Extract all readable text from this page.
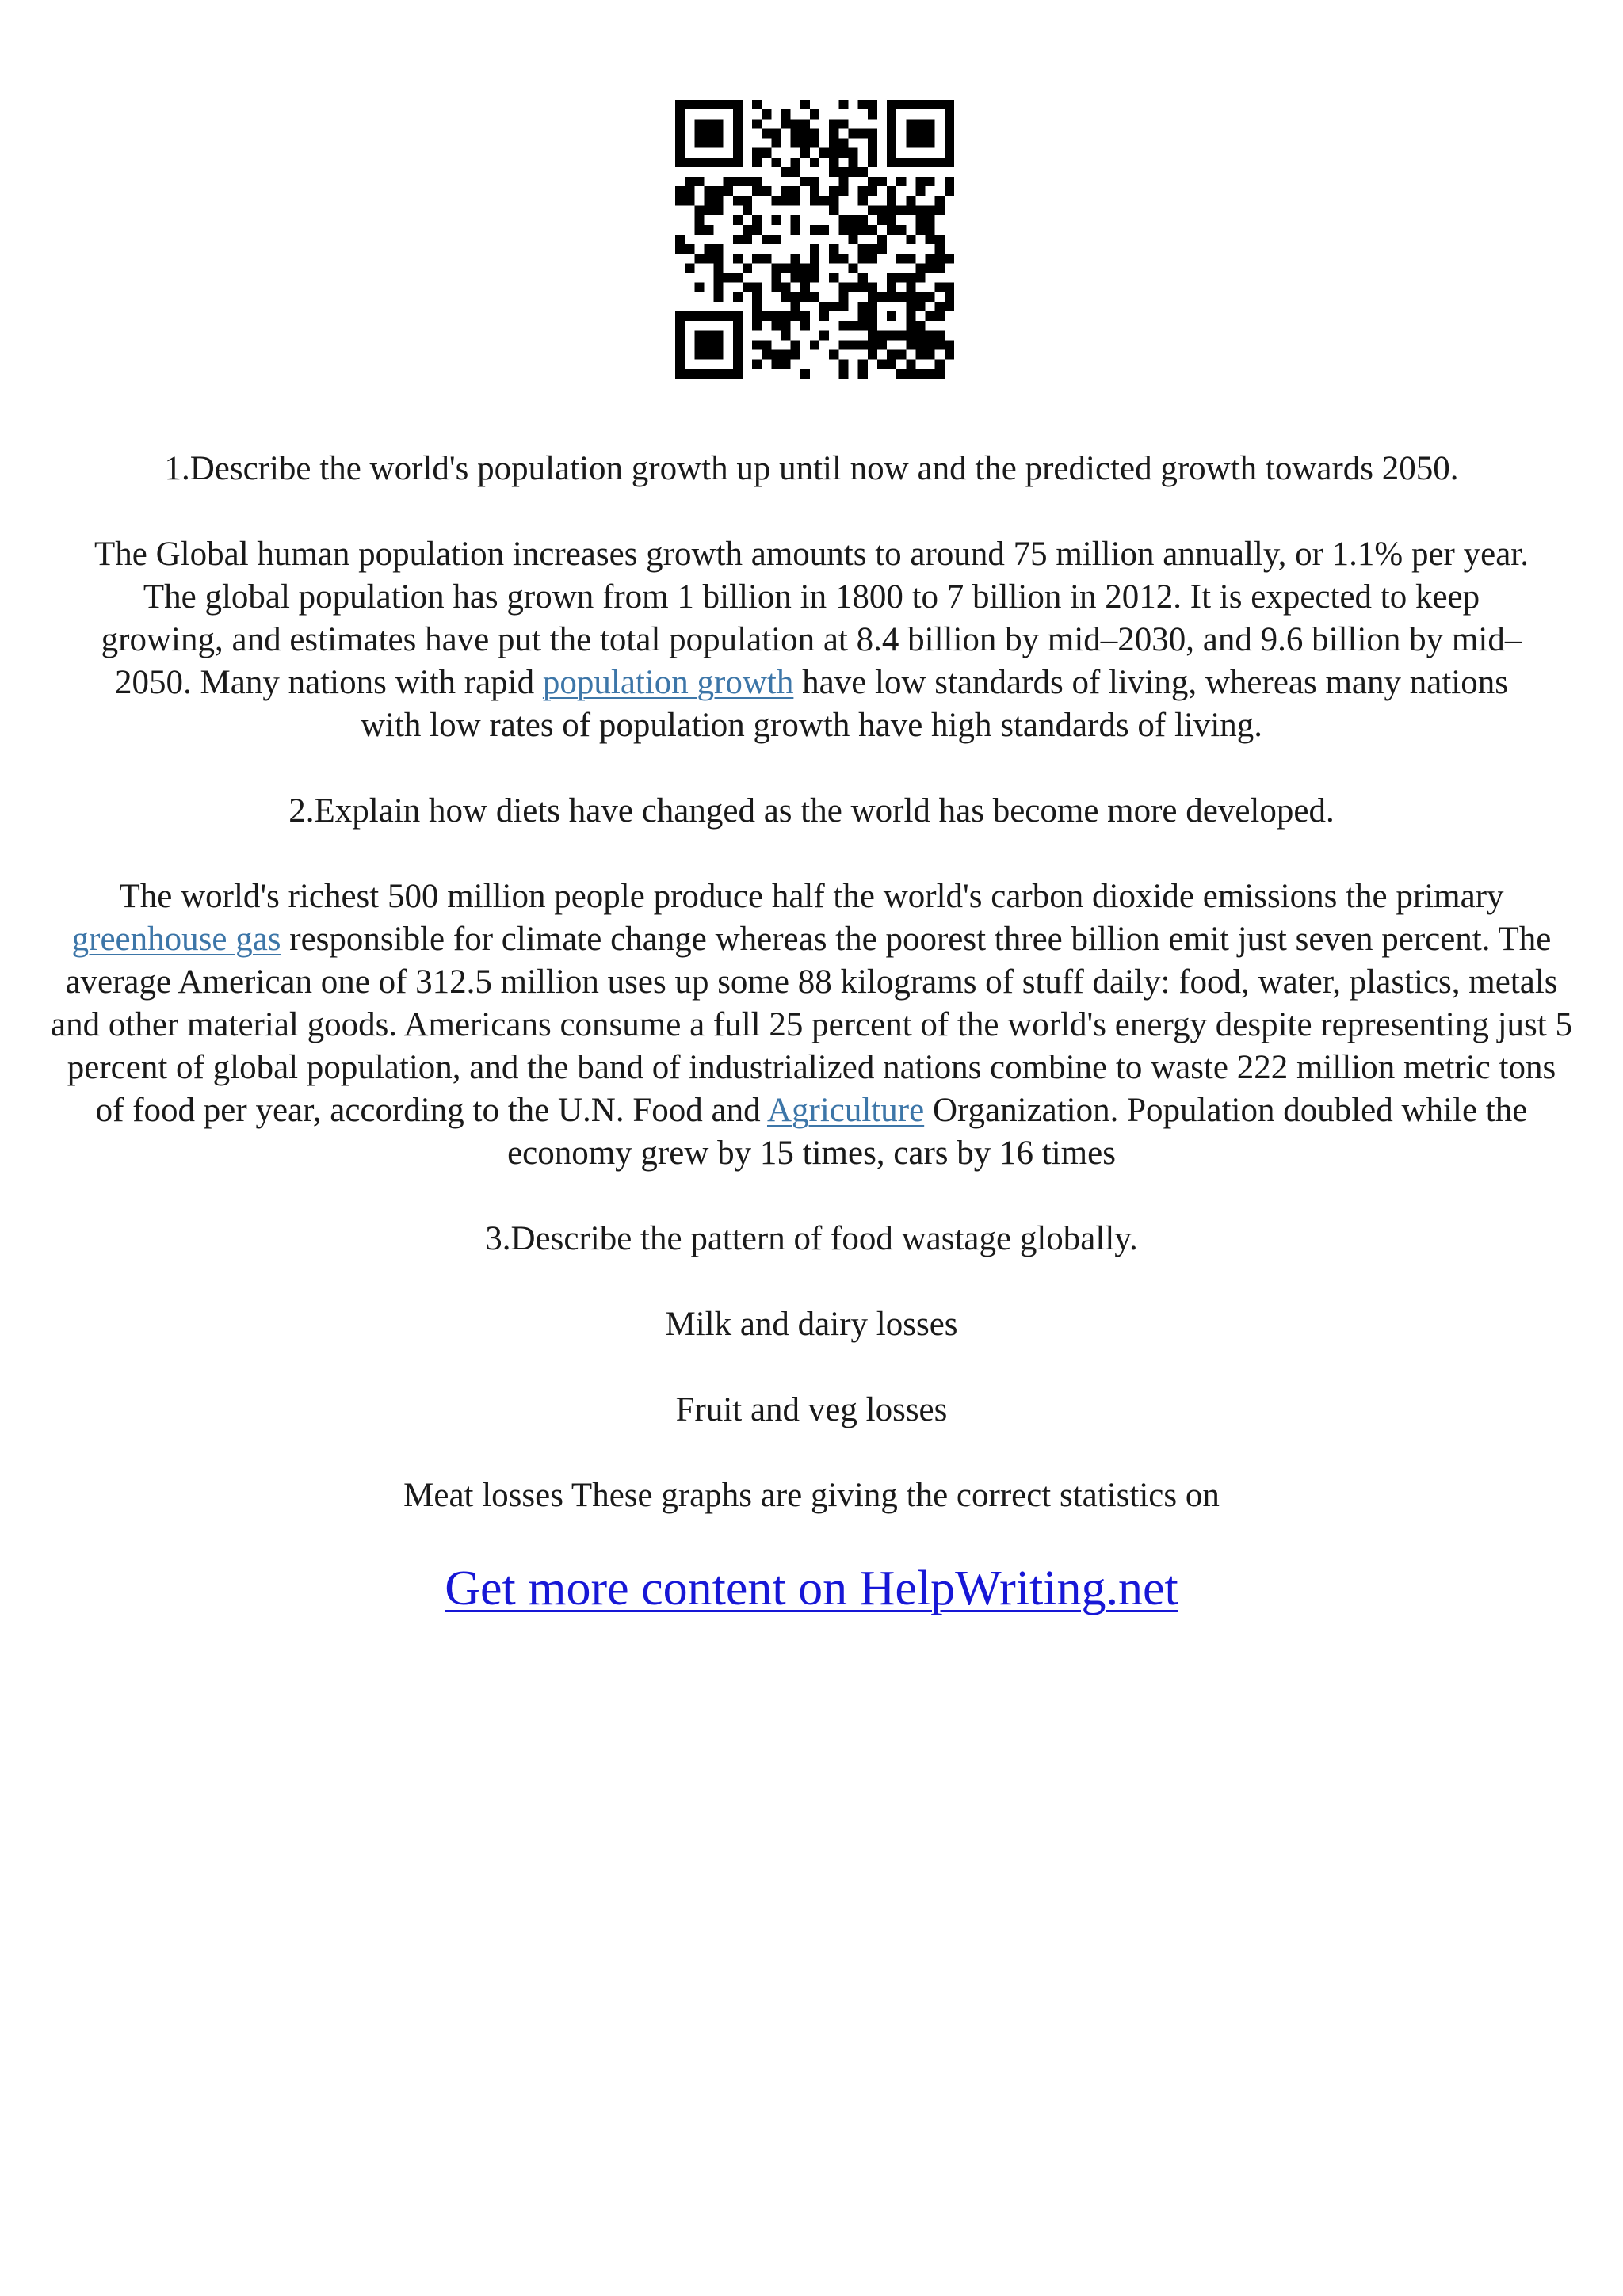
1.Describe the world's population growth up until now and the predicted growth towards 2050.

The Global human population increases growth amounts to around 75 million annually, or 1.1% per year. The global population has grown from 1 billion in 1800 to 7 billion in 2012. It is expected to keep growing, and estimates have put the total population at 8.4 billion by mid–2030, and 9.6 billion by mid–2050. Many nations with rapid population growth have low standards of living, whereas many nations with low rates of population growth have high standards of living.

2.Explain how diets have changed as the world has become more developed.

The world's richest 500 million people produce half the world's carbon dioxide emissions the primary greenhouse gas responsible for climate change whereas the poorest three billion emit just seven percent. The average American one of 312.5 million uses up some 88 kilograms of stuff daily: food, water, plastics, metals and other material goods. Americans consume a full 25 percent of the world's energy despite representing just 5 percent of global population, and the band of industrialized nations combine to waste 222 million metric tons of food per year, according to the U.N. Food and Agriculture Organization. Population doubled while the economy grew by 15 times, cars by 16 times

3.Describe the pattern of food wastage globally.

Milk and dairy losses

Fruit and veg losses

Meat losses These graphs are giving the correct statistics on

Get more content on HelpWriting.net
